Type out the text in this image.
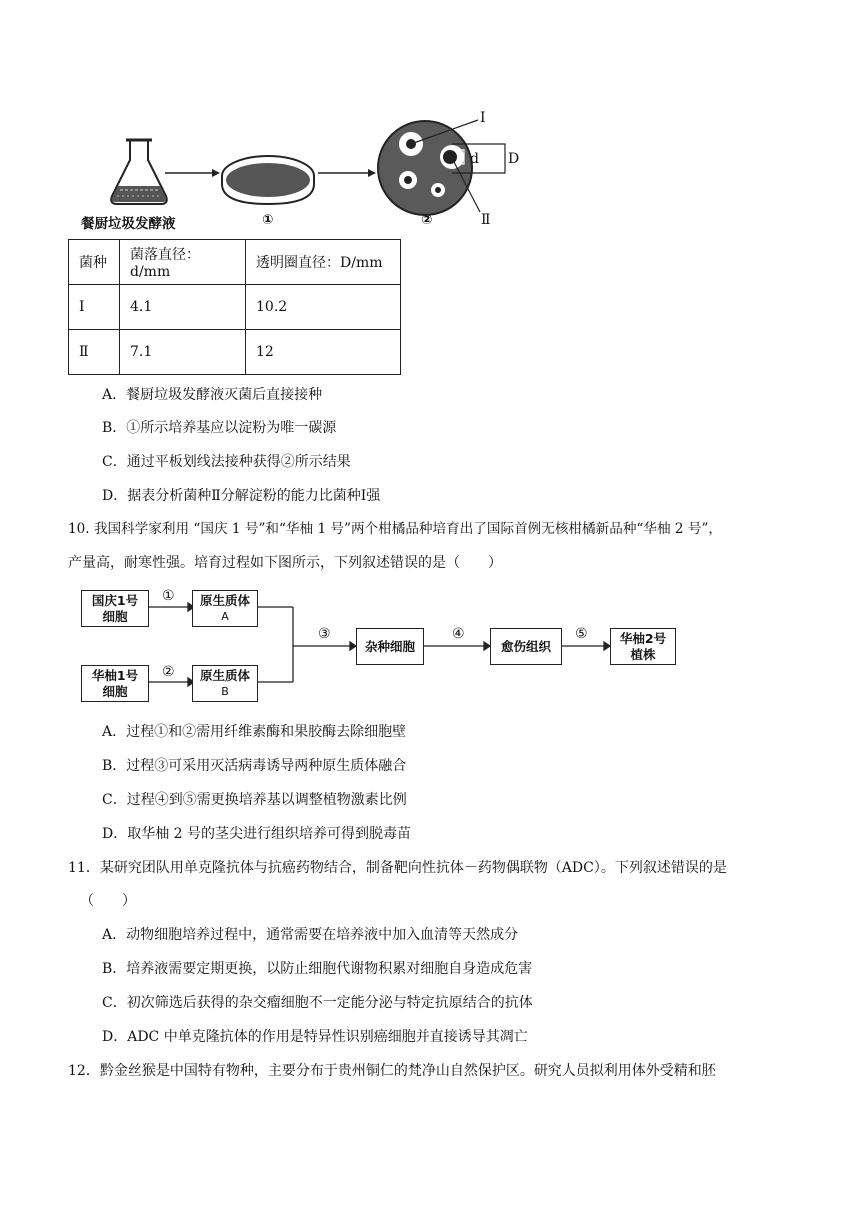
Ⅰ
d D
Ⅱ
餐厨垃圾发酵液	①	②
菌种	菌落直径：d/mm	透明圈直径：D/mm
Ⅰ	4.1	10.2
Ⅱ	7.1	12
A．餐厨垃圾发酵液灭菌后直接接种
B．①所示培养基应以淀粉为唯一碳源
C．通过平板划线法接种获得②所示结果
D．据表分析菌种Ⅱ分解淀粉的能力比菌种Ⅰ强
10. 我国科学家利用 “国庆 1 号”和“华柚 1 号”两个柑橘品种培育出了国际首例无核柑橘新品种“华柚 2 号”，
产量高，耐寒性强。培育过程如下图所示，下列叙述错误的是（　　）
国庆1号
细胞
华柚1号
细胞
原生质体
A
原生质体
B
杂种细胞	愈伤组织
华柚2号
植株
①
②
③	④	⑤
A．过程①和②需用纤维素酶和果胶酶去除细胞壁
B．过程③可采用灭活病毒诱导两种原生质体融合
C．过程④到⑤需更换培养基以调整植物激素比例
D．取华柚 2 号的茎尖进行组织培养可得到脱毒苗
11．某研究团队用单克隆抗体与抗癌药物结合，制备靶向性抗体－药物偶联物（ADC）。下列叙述错误的是
（　　）
A．动物细胞培养过程中，通常需要在培养液中加入血清等天然成分
B．培养液需要定期更换，以防止细胞代谢物积累对细胞自身造成危害
C．初次筛选后获得的杂交瘤细胞不一定能分泌与特定抗原结合的抗体
D．ADC 中单克隆抗体的作用是特异性识别癌细胞并直接诱导其凋亡
12．黔金丝猴是中国特有物种，主要分布于贵州铜仁的梵净山自然保护区。研究人员拟利用体外受精和胚
